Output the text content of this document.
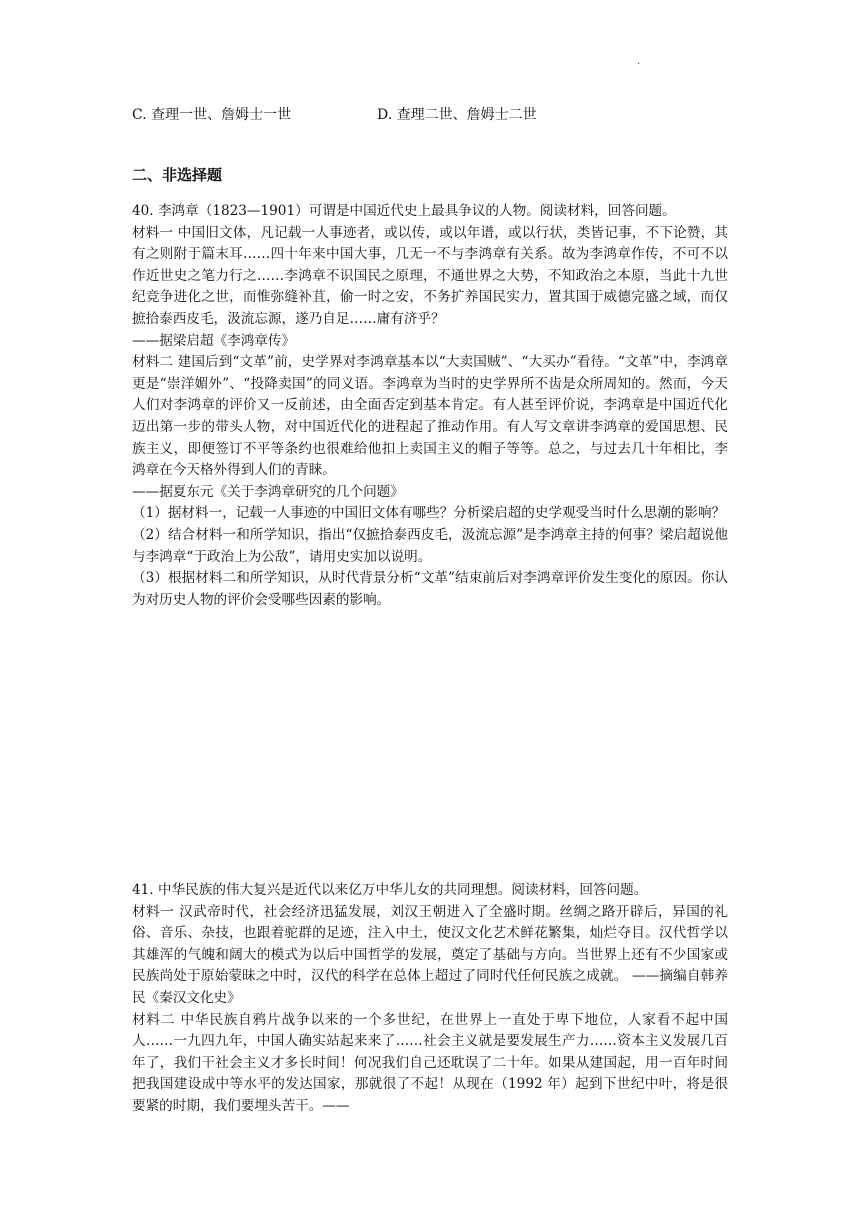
.
C. 查理一世、詹姆士一世	D. 查理二世、詹姆士二世
二、非选择题

40. 李鸿章（1823—1901）可谓是中国近代史上最具争议的人物。阅读材料，回答问题。

材料一 中国旧文体，凡记载一人事迹者，或以传，或以年谱，或以行状，类皆记事，不下论赞，其有之则附于篇末耳……四十年来中国大事，几无一不与李鸿章有关系。故为李鸿章作传，不可不以作近世史之笔力行之……李鸿章不识国民之原理，不通世界之大势，不知政治之本原，当此十九世纪竞争进化之世，而惟弥缝补苴，偷一时之安，不务扩养国民实力，置其国于威德完盛之域，而仅摭拾泰西皮毛，汲流忘源，遂乃自足……庸有济乎？

——据梁启超《李鸿章传》

材料二 建国后到“文革”前，史学界对李鸿章基本以“大卖国贼”、“大买办”看待。“文革”中，李鸿章更是“崇洋媚外”、“投降卖国”的同义语。李鸿章为当时的史学界所不齿是众所周知的。然而，今天人们对李鸿章的评价又一反前述，由全面否定到基本肯定。有人甚至评价说，李鸿章是中国近代化迈出第一步的带头人物，对中国近代化的进程起了推动作用。有人写文章讲李鸿章的爱国思想、民族主义，即便签订不平等条约也很难给他扣上卖国主义的帽子等等。总之，与过去几十年相比，李鸿章在今天格外得到人们的青睐。

——据夏东元《关于李鸿章研究的几个问题》

（1）据材料一，记载一人事迹的中国旧文体有哪些？分析梁启超的史学观受当时什么思潮的影响？

（2）结合材料一和所学知识，指出“仅摭拾泰西皮毛，汲流忘源”是李鸿章主持的何事？梁启超说他与李鸿章“于政治上为公敌”，请用史实加以说明。

（3）根据材料二和所学知识，从时代背景分析“文革”结束前后对李鸿章评价发生变化的原因。你认为对历史人物的评价会受哪些因素的影响。

41. 中华民族的伟大复兴是近代以来亿万中华儿女的共同理想。阅读材料，回答问题。

材料一 汉武帝时代，社会经济迅猛发展，刘汉王朝进入了全盛时期。丝绸之路开辟后，异国的礼俗、音乐、杂技，也跟着驼群的足迹，注入中土，使汉文化艺术鲜花繁集，灿烂夺目。汉代哲学以其雄浑的气魄和阔大的模式为以后中国哲学的发展，奠定了基础与方向。当世界上还有不少国家或民族尚处于原始蒙昧之中时，汉代的科学在总体上超过了同时代任何民族之成就。 ——摘编自韩养民《秦汉文化史》

材料二 中华民族自鸦片战争以来的一个多世纪，在世界上一直处于卑下地位，人家看不起中国人……一九四九年，中国人确实站起来来了……社会主义就是要发展生产力……资本主义发展几百年了，我们干社会主义才多长时间！何况我们自己还耽误了二十年。如果从建国起，用一百年时间把我国建设成中等水平的发达国家，那就很了不起！从现在（1992 年）起到下世纪中叶，将是很要紧的时期，我们要埋头苦干。——
